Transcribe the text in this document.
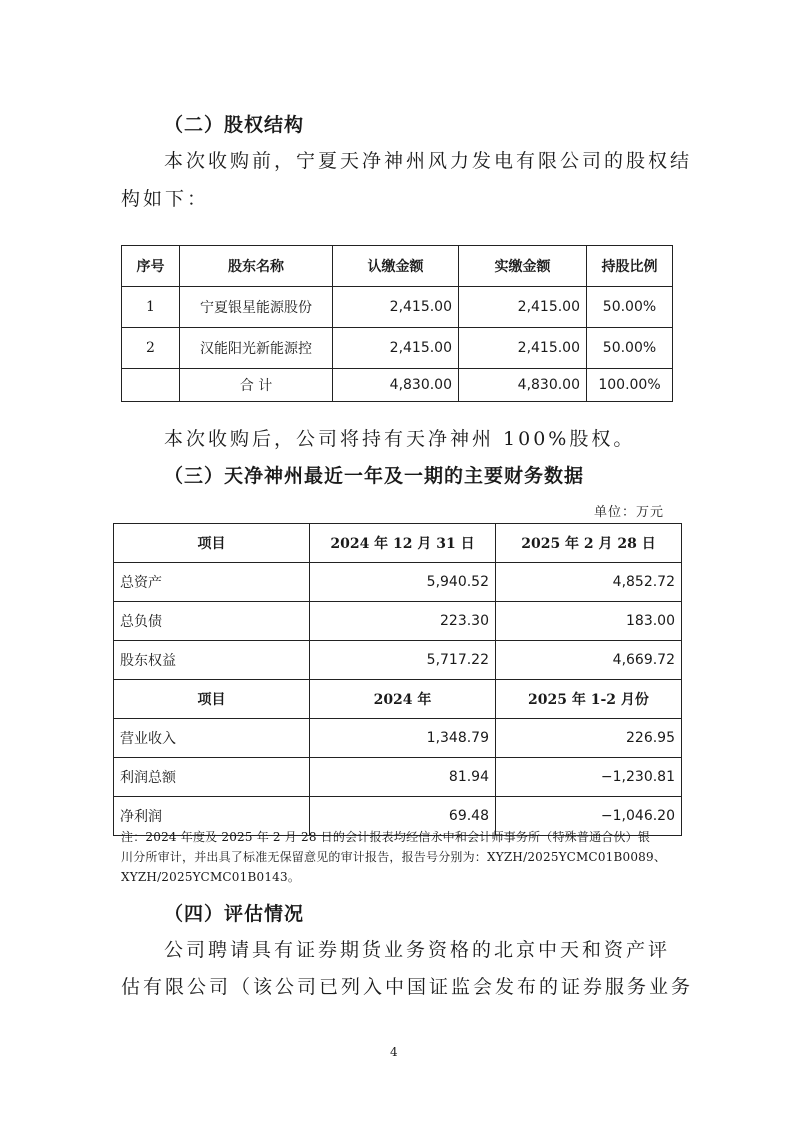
（二）股权结构
本次收购前，宁夏天净神州风力发电有限公司的股权结
构如下：
序号	股东名称	认缴金额	实缴金额	持股比例
1	宁夏银星能源股份	2,415.00	2,415.00	50.00%
2	汉能阳光新能源控	2,415.00	2,415.00	50.00%
	合 计	4,830.00	4,830.00	100.00%
本次收购后，公司将持有天净神州 100%股权。
（三）天净神州最近一年及一期的主要财务数据
单位：万元
项目	2024 年 12 月 31 日	2025 年 2 月 28 日
总资产	5,940.52	4,852.72
总负债	223.30	183.00
股东权益	5,717.22	4,669.72
项目	2024 年	2025 年 1-2 月份
营业收入	1,348.79	226.95
利润总额	81.94	−1,230.81
净利润	69.48	−1,046.20
注：2024 年度及 2025 年 2 月 28 日的会计报表均经信永中和会计师事务所（特殊普通合伙）银
川分所审计，并出具了标准无保留意见的审计报告，报告号分别为：XYZH/2025YCMC01B0089、
XYZH/2025YCMC01B0143。
（四）评估情况
公司聘请具有证券期货业务资格的北京中天和资产评
估有限公司（该公司已列入中国证监会发布的证券服务业务
4
